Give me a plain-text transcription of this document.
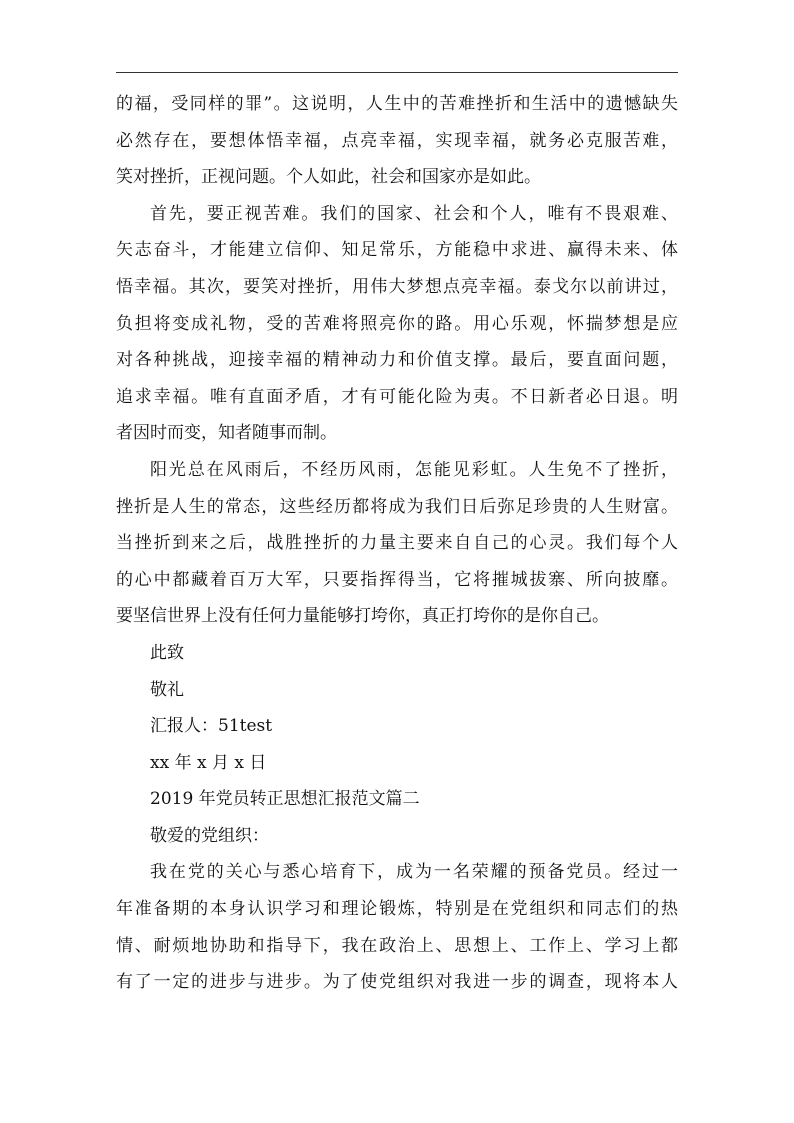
的福，受同样的罪”。这说明，人生中的苦难挫折和生活中的遗憾缺失
必然存在，要想体悟幸福，点亮幸福，实现幸福，就务必克服苦难，
笑对挫折，正视问题。个人如此，社会和国家亦是如此。
首先，要正视苦难。我们的国家、社会和个人，唯有不畏艰难、
矢志奋斗，才能建立信仰、知足常乐，方能稳中求进、赢得未来、体
悟幸福。其次，要笑对挫折，用伟大梦想点亮幸福。泰戈尔以前讲过，
负担将变成礼物，受的苦难将照亮你的路。用心乐观，怀揣梦想是应
对各种挑战，迎接幸福的精神动力和价值支撑。最后，要直面问题，
追求幸福。唯有直面矛盾，才有可能化险为夷。不日新者必日退。明
者因时而变，知者随事而制。
阳光总在风雨后，不经历风雨，怎能见彩虹。人生免不了挫折，
挫折是人生的常态，这些经历都将成为我们日后弥足珍贵的人生财富。
当挫折到来之后，战胜挫折的力量主要来自自己的心灵。我们每个人
的心中都藏着百万大军，只要指挥得当，它将摧城拔寨、所向披靡。
要坚信世界上没有任何力量能够打垮你，真正打垮你的是你自己。
此致
敬礼
汇报人：51test
xx 年 x 月 x 日
2019 年党员转正思想汇报范文篇二
敬爱的党组织：
我在党的关心与悉心培育下，成为一名荣耀的预备党员。经过一
年准备期的本身认识学习和理论锻炼，特别是在党组织和同志们的热
情、耐烦地协助和指导下，我在政治上、思想上、工作上、学习上都
有了一定的进步与进步。为了使党组织对我进一步的调查，现将本人
